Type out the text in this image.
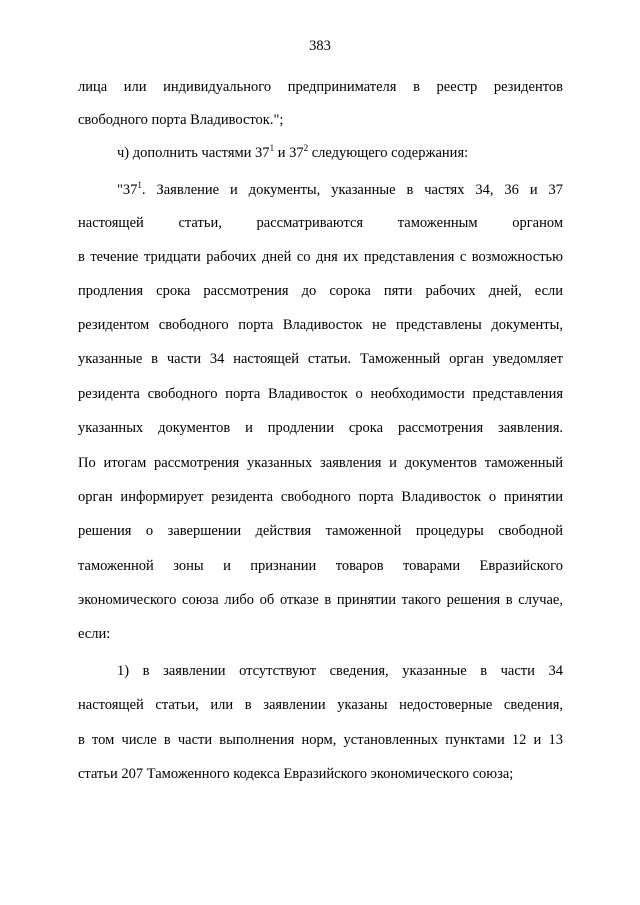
383
лица или индивидуального предпринимателя в реестр резидентов
свободного порта Владивосток.";
ч) дополнить частями $37^1$ и $37^2$ следующего содержания:
"$37^1$. Заявление и документы, указанные в частях 34, 36 и 37
настоящей статьи, рассматриваются таможенным органом
в течение тридцати рабочих дней со дня их представления с возможностью
продления срока рассмотрения до сорока пяти рабочих дней, если
резидентом свободного порта Владивосток не представлены документы,
указанные в части 34 настоящей статьи. Таможенный орган уведомляет
резидента свободного порта Владивосток о необходимости представления
указанных документов и продлении срока рассмотрения заявления.
По итогам рассмотрения указанных заявления и документов таможенный
орган информирует резидента свободного порта Владивосток о принятии
решения о завершении действия таможенной процедуры свободной
таможенной зоны и признании товаров товарами Евразийского
экономического союза либо об отказе в принятии такого решения в случае,
если:
1) в заявлении отсутствуют сведения, указанные в части 34
настоящей статьи, или в заявлении указаны недостоверные сведения,
в том числе в части выполнения норм, установленных пунктами 12 и 13
статьи 207 Таможенного кодекса Евразийского экономического союза;
